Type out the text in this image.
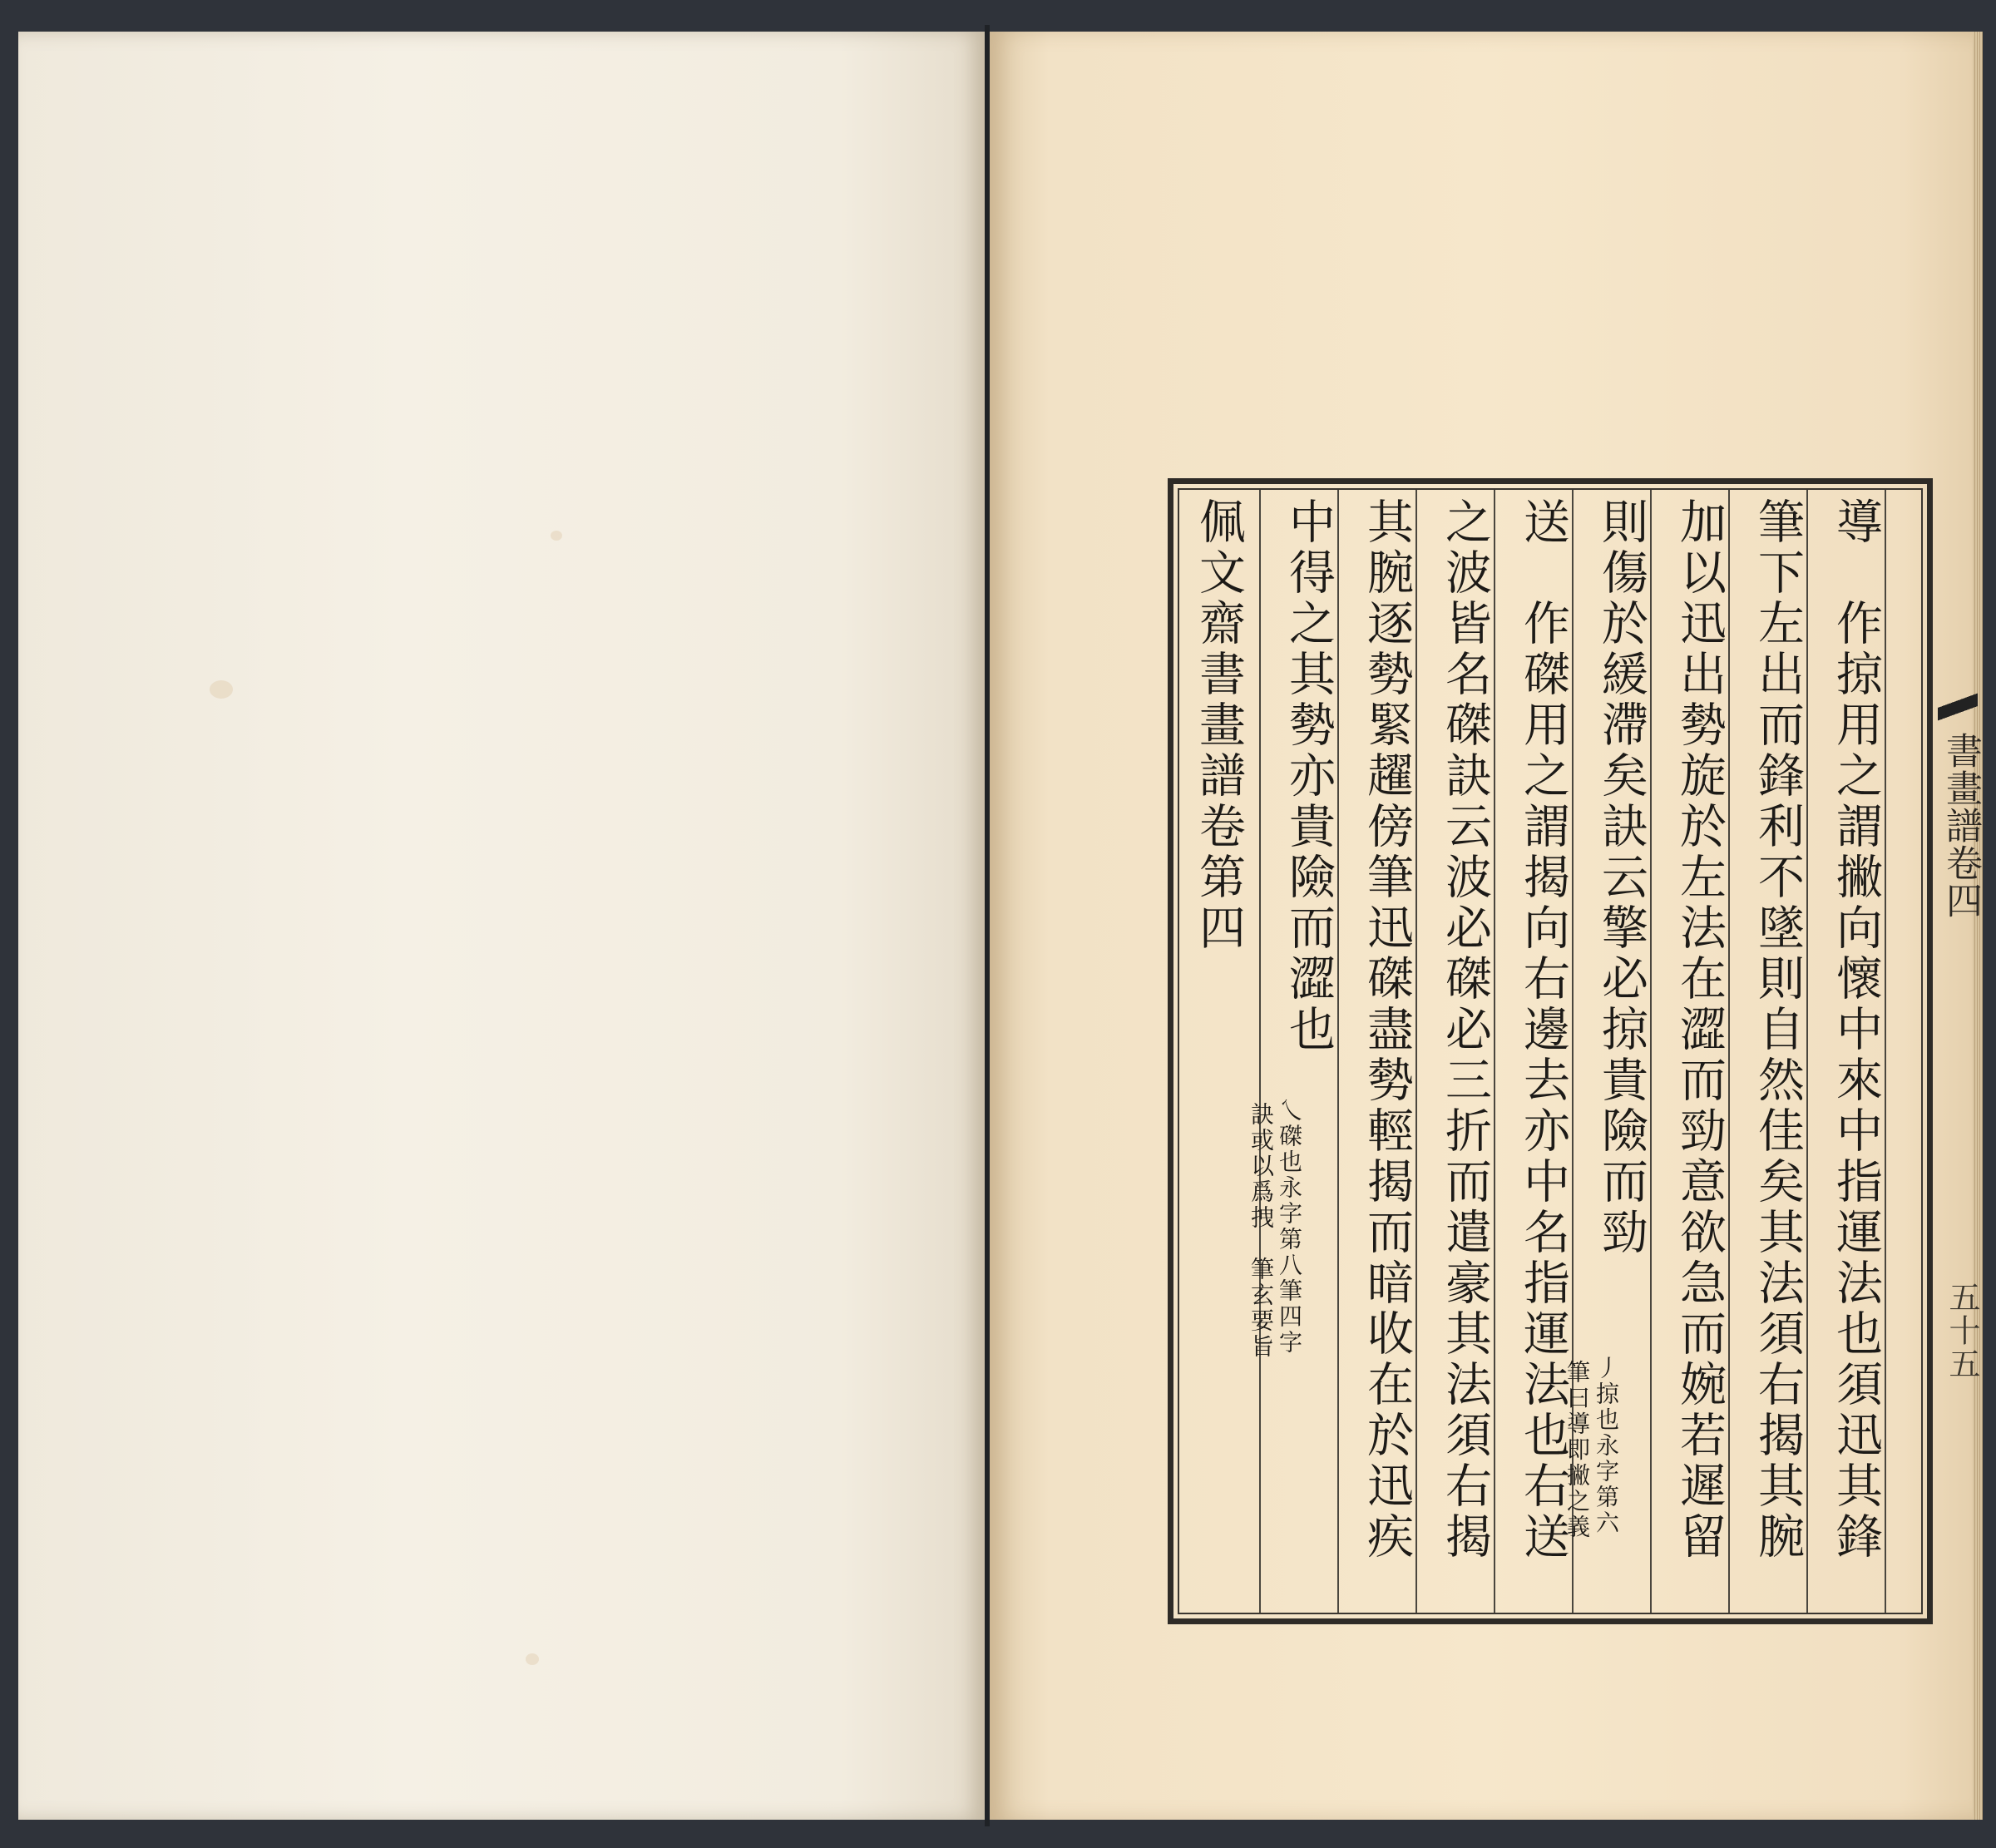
導　作掠用之謂撇向懷中來中指運法也須迅其鋒
筆下左出而鋒利不墜則自然佳矣其法須右揭其腕
加以迅出勢旋於左法在澀而勁意欲急而婉若遲留
則傷於緩滯矣訣云擎必掠貴險而勁
丿掠也永字第六
筆曰導即撇之義
送　作磔用之謂揭向右邊去亦中名指運法也右送
之波皆名磔訣云波必磔必三折而遣豪其法須右揭
其腕逐勢緊趯傍筆迅磔盡勢輕揭而暗收在於迅疾
中得之其勢亦貴險而澀也
乀磔也永字第八筆四字
訣或以爲拽　筆玄要旨
佩文齋書畫譜卷第四	書畫譜卷四
五十五
